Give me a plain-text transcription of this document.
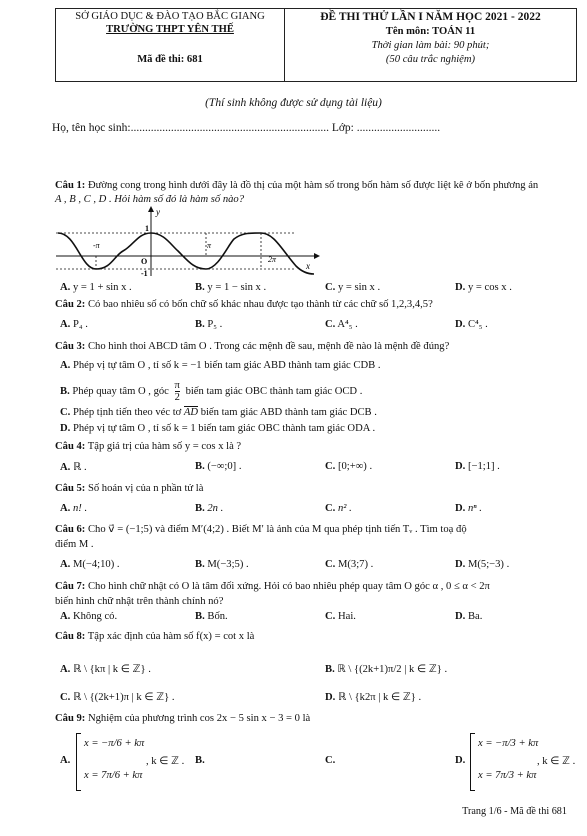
SỞ GIÁO DỤC & ĐÀO TẠO BẮC GIANG
TRƯỜNG THPT YÊN THẾ
Mã đề thi: 681
ĐỀ THI THỬ LẦN I NĂM HỌC 2021 - 2022
Tên môn: TOÁN 11
Thời gian làm bài: 90 phút;
(50 câu trắc nghiệm)
(Thí sinh không được sử dụng tài liệu)
Họ, tên học sinh:..................................................................... Lớp: .............................
Câu 1: Đường cong trong hình dưới đây là đồ thị của một hàm số trong bốn hàm số được liệt kê ở bốn phương án
A , B , C , D . Hỏi hàm số đó là hàm số nào?
-π	π
2π
O
1
-1
x
y
A. y = 1 + sin x .	B. y = 1 − sin x .	C. y = sin x .	D. y = cos x .
Câu 2: Có bao nhiêu số có bốn chữ số khác nhau được tạo thành từ các chữ số 1,2,3,4,5?
A. P₄ .	B. P₅ .	C. A⁴₅ .	D. C⁴₅ .
Câu 3: Cho hình thoi ABCD tâm O . Trong các mệnh đề sau, mệnh đề nào là mệnh đề đúng?
A. Phép vị tự tâm O , tỉ số k = −1 biến tam giác ABD thành tam giác CDB .
B. Phép quay tâm O , góc $\frac{\pi}{2}$ biến tam giác OBC thành tam giác OCD .
C. Phép tịnh tiến theo véc tơ AD biến tam giác ABD thành tam giác DCB .
D. Phép vị tự tâm O , tỉ số k = 1 biến tam giác OBC thành tam giác ODA .
Câu 4: Tập giá trị của hàm số y = cos x là ?
A. ℝ .	B. (−∞;0] .	C. [0;+∞) .	D. [−1;1] .
Câu 5: Số hoán vị của n phần tử là
A. n! .	B. 2n .	C. n² .	D. nⁿ .
Câu 6: Cho v⃗ = (−1;5) và điểm M′(4;2) . Biết M′ là ảnh của M qua phép tịnh tiến Tᵥ . Tìm toạ độ
điểm M .
A. M(−4;10) .	B. M(−3;5) .	C. M(3;7) .	D. M(5;−3) .
Câu 7: Cho hình chữ nhật có O là tâm đối xứng. Hỏi có bao nhiêu phép quay tâm O góc α , 0 ≤ α < 2π
biến hình chữ nhật trên thành chính nó?
A. Không có.	B. Bốn.	C. Hai.	D. Ba.
Câu 8: Tập xác định của hàm số f(x) = cot x là
A. ℝ \ {kπ | k ∈ ℤ} .	B. ℝ \ {(2k+1)π/2 | k ∈ ℤ} .
C. ℝ \ {(2k+1)π | k ∈ ℤ} .	D. ℝ \ {k2π | k ∈ ℤ} .
Câu 9: Nghiệm của phương trình cos 2x − 5 sin x − 3 = 0 là
A.
x = −π/6 + kπ
x = 7π/6 + kπ
, k ∈ ℤ . B.	C.	D.
x = −π/3 + kπ
x = 7π/3 + kπ
, k ∈ ℤ .
Trang 1/6 - Mã đề thi 681
